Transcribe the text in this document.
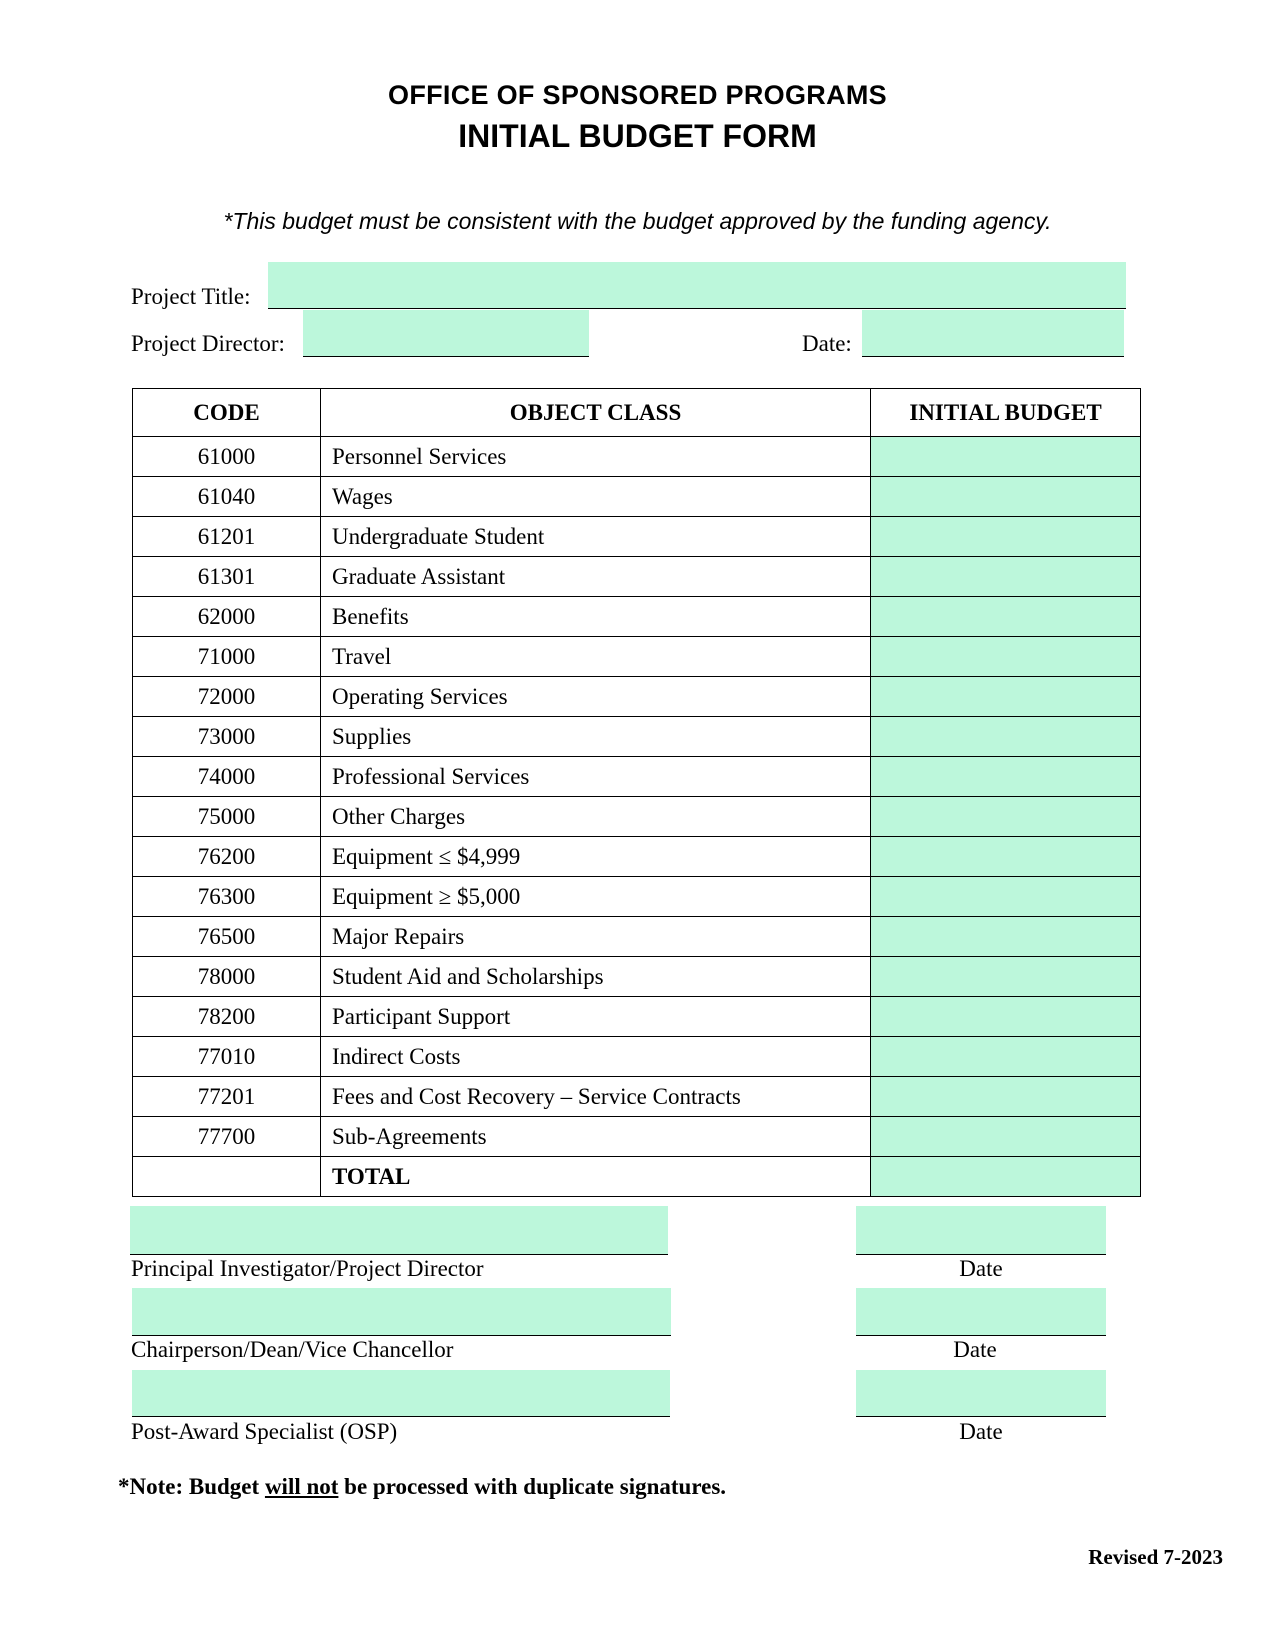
OFFICE OF SPONSORED PROGRAMS
INITIAL BUDGET FORM
*This budget must be consistent with the budget approved by the funding agency.
Project Title:
Project Director:	Date:
CODE	OBJECT CLASS	INITIAL BUDGET
61000	Personnel Services	
61040	Wages	
61201	Undergraduate Student	
61301	Graduate Assistant	
62000	Benefits	
71000	Travel	
72000	Operating Services	
73000	Supplies	
74000	Professional Services	
75000	Other Charges	
76200	Equipment ≤ $4,999	
76300	Equipment ≥ $5,000	
76500	Major Repairs	
78000	Student Aid and Scholarships	
78200	Participant Support	
77010	Indirect Costs	
77201	Fees and Cost Recovery – Service Contracts	
77700	Sub-Agreements	
	TOTAL	
Principal Investigator/Project Director	Date
Chairperson/Dean/Vice Chancellor	Date
Post-Award Specialist (OSP)	Date
*Note: Budget will not be processed with duplicate signatures.
Revised 7-2023
